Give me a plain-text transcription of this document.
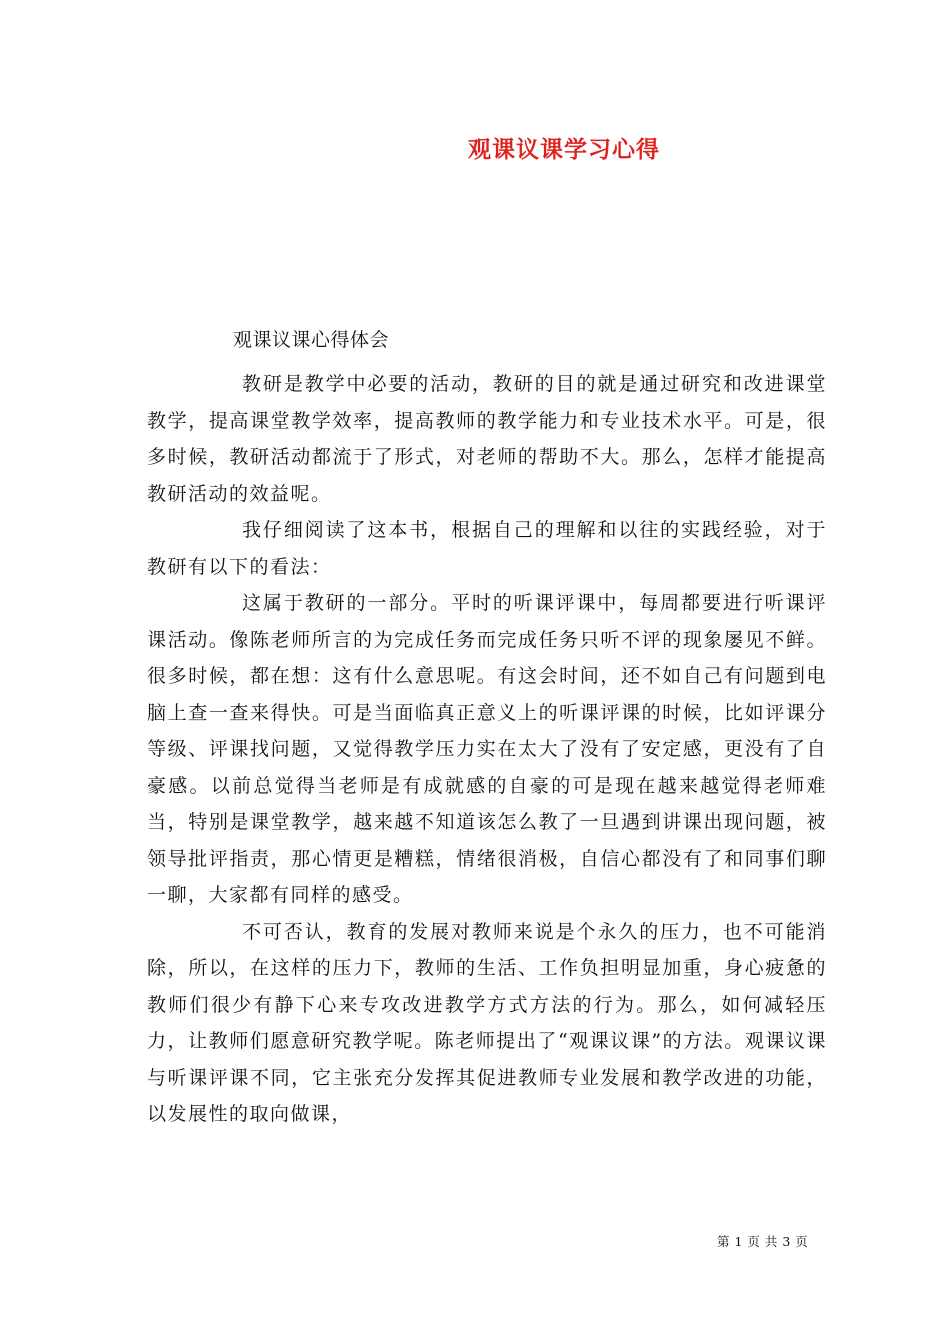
观课议课学习心得
观课议课心得体会

教研是教学中必要的活动，教研的目的就是通过研究和改进课堂教学，提高课堂教学效率，提高教师的教学能力和专业技术水平。可是，很多时候，教研活动都流于了形式，对老师的帮助不大。那么，怎样才能提高教研活动的效益呢。

我仔细阅读了这本书，根据自己的理解和以往的实践经验，对于教研有以下的看法：

这属于教研的一部分。平时的听课评课中，每周都要进行听课评课活动。像陈老师所言的为完成任务而完成任务只听不评的现象屡见不鲜。很多时候，都在想：这有什么意思呢。有这会时间，还不如自己有问题到电脑上查一查来得快。可是当面临真正意义上的听课评课的时候，比如评课分等级、评课找问题，又觉得教学压力实在太大了没有了安定感，更没有了自豪感。以前总觉得当老师是有成就感的自豪的可是现在越来越觉得老师难当，特别是课堂教学，越来越不知道该怎么教了一旦遇到讲课出现问题，被领导批评指责，那心情更是糟糕，情绪很消极，自信心都没有了和同事们聊一聊，大家都有同样的感受。

不可否认，教育的发展对教师来说是个永久的压力，也不可能消除，所以，在这样的压力下，教师的生活、工作负担明显加重，身心疲惫的教师们很少有静下心来专攻改进教学方式方法的行为。那么，如何减轻压力，让教师们愿意研究教学呢。陈老师提出了“观课议课”的方法。观课议课与听课评课不同，它主张充分发挥其促进教师专业发展和教学改进的功能，以发展性的取向做课，

第 1 页 共 3 页
